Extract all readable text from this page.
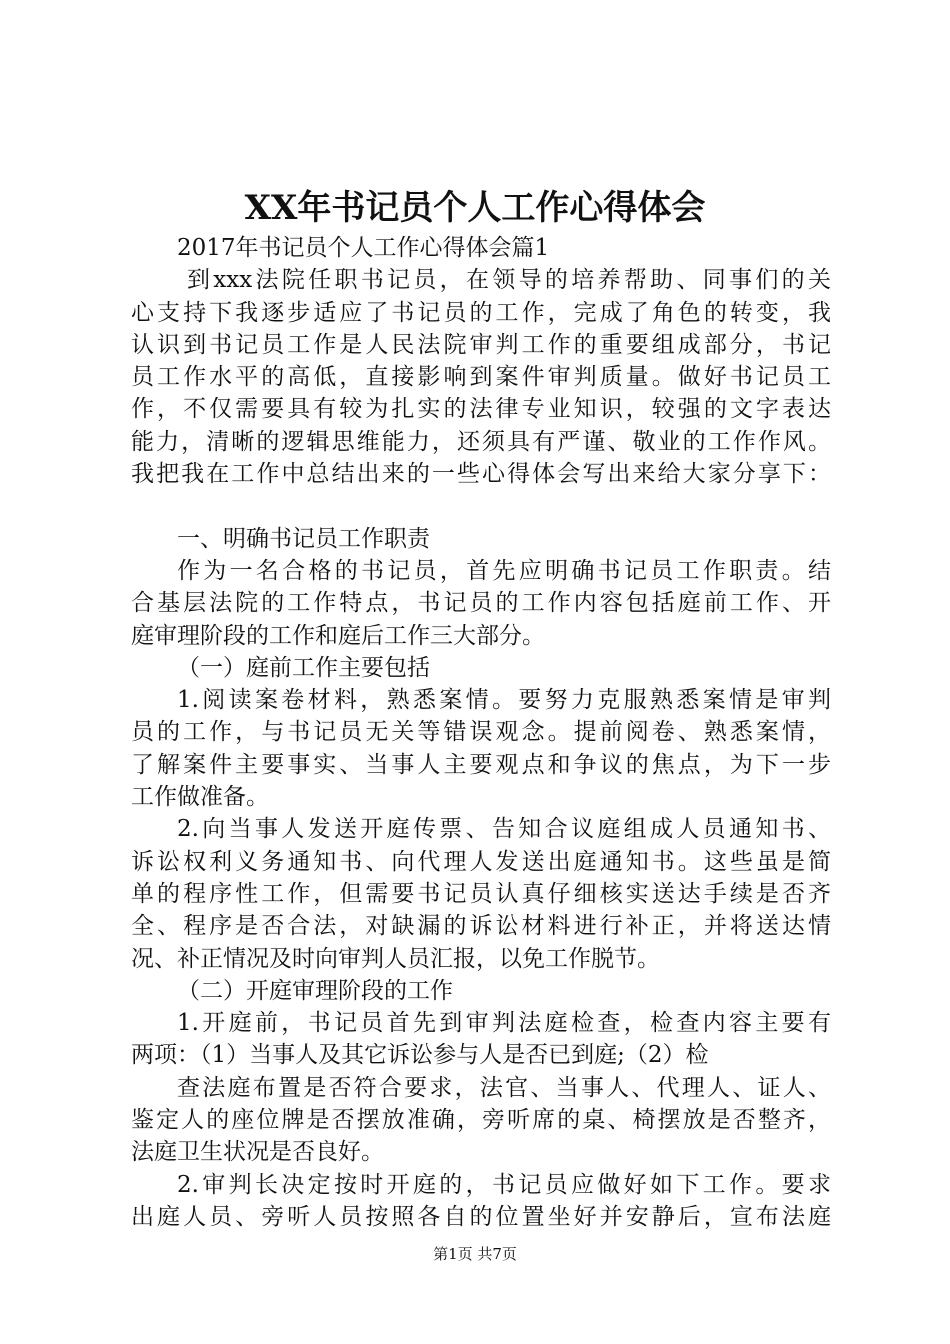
XX年书记员个人工作心得体会

2017年书记员个人工作心得体会篇1

到xxx法院任职书记员，在领导的培养帮助、同事们的关

心支持下我逐步适应了书记员的工作，完成了角色的转变，我

认识到书记员工作是人民法院审判工作的重要组成部分，书记

员工作水平的高低，直接影响到案件审判质量。做好书记员工

作，不仅需要具有较为扎实的法律专业知识，较强的文字表达

能力，清晰的逻辑思维能力，还须具有严谨、敬业的工作作风。

我把我在工作中总结出来的一些心得体会写出来给大家分享下：

一、明确书记员工作职责

作为一名合格的书记员，首先应明确书记员工作职责。结

合基层法院的工作特点，书记员的工作内容包括庭前工作、开

庭审理阶段的工作和庭后工作三大部分。

（一）庭前工作主要包括

1.阅读案卷材料，熟悉案情。要努力克服熟悉案情是审判

员的工作，与书记员无关等错误观念。提前阅卷、熟悉案情，

了解案件主要事实、当事人主要观点和争议的焦点，为下一步

工作做准备。

2.向当事人发送开庭传票、告知合议庭组成人员通知书、

诉讼权利义务通知书、向代理人发送出庭通知书。这些虽是简

单的程序性工作，但需要书记员认真仔细核实送达手续是否齐

全、程序是否合法，对缺漏的诉讼材料进行补正，并将送达情

况、补正情况及时向审判人员汇报，以免工作脱节。

（二）开庭审理阶段的工作

1.开庭前，书记员首先到审判法庭检查，检查内容主要有

两项：（1）当事人及其它诉讼参与人是否已到庭;（2）检

查法庭布置是否符合要求，法官、当事人、代理人、证人、

鉴定人的座位牌是否摆放准确，旁听席的桌、椅摆放是否整齐，

法庭卫生状况是否良好。

2.审判长决定按时开庭的，书记员应做好如下工作。要求

出庭人员、旁听人员按照各自的位置坐好并安静后，宣布法庭

第1页 共7页
